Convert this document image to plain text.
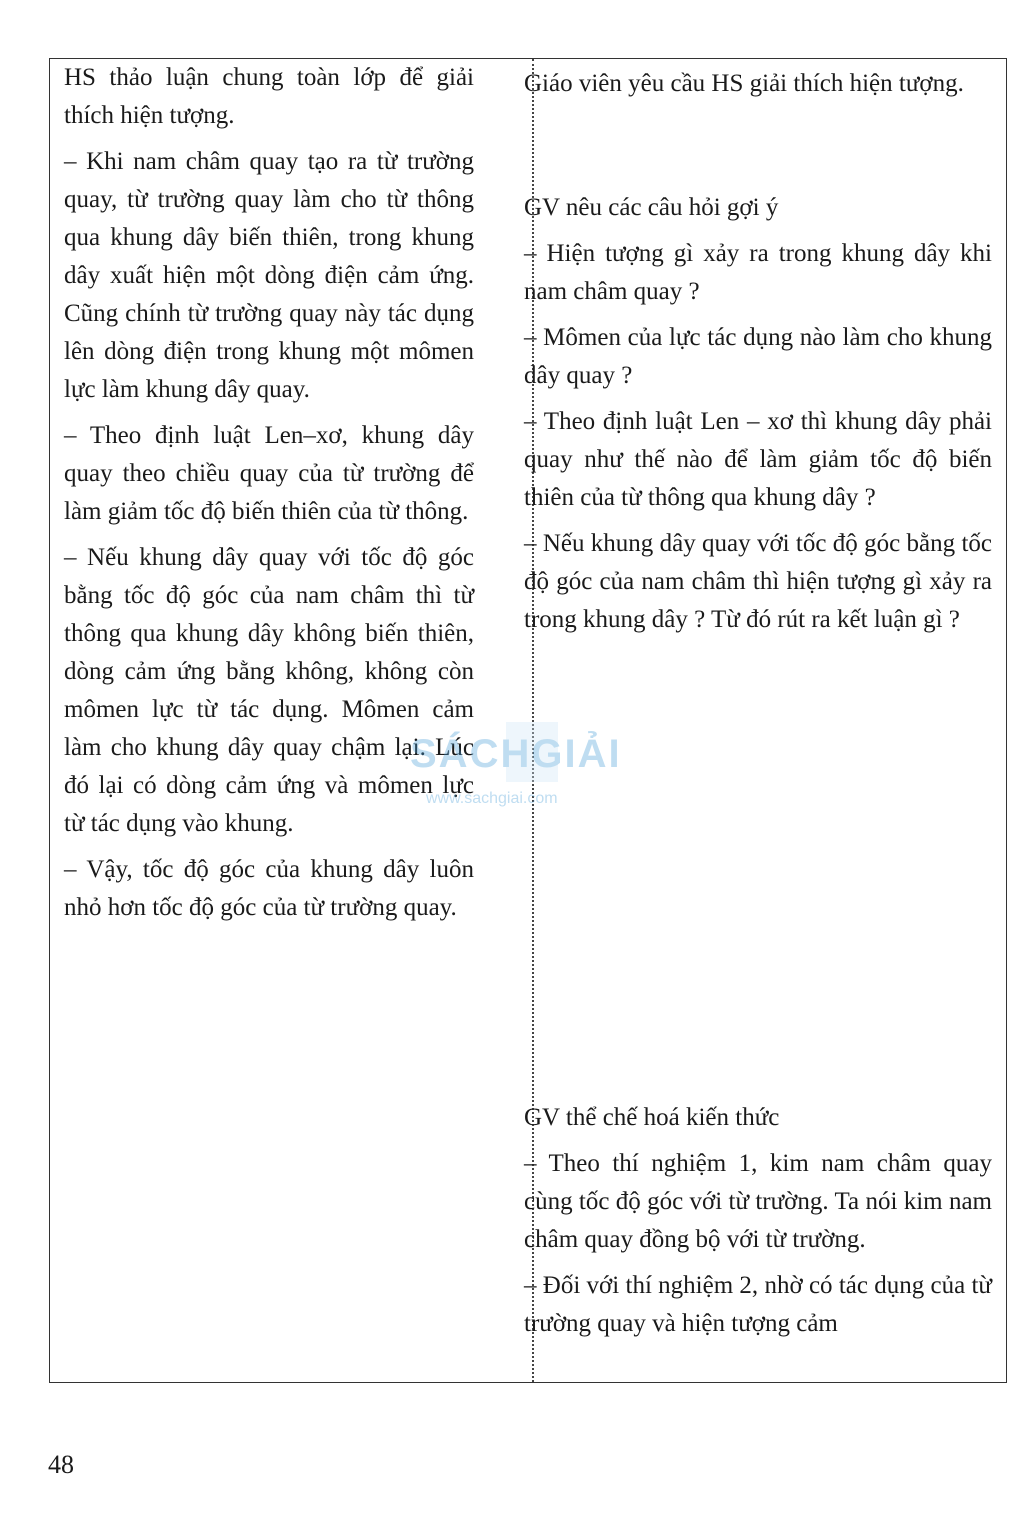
HS thảo luận chung toàn lớp để giải thích hiện tượng.

– Khi nam châm quay tạo ra từ trường quay, từ trường quay làm cho từ thông qua khung dây biến thiên, trong khung dây xuất hiện một dòng điện cảm ứng. Cũng chính từ trường quay này tác dụng lên dòng điện trong khung một mômen lực làm khung dây quay.

– Theo định luật Len–xơ, khung dây quay theo chiều quay của từ trường để làm giảm tốc độ biến thiên của từ thông.

– Nếu khung dây quay với tốc độ góc bằng tốc độ góc của nam châm thì từ thông qua khung dây không biến thiên, dòng cảm ứng bằng không, không còn mômen lực từ tác dụng. Mômen cảm làm cho khung dây quay chậm lại. Lúc đó lại có dòng cảm ứng và mômen lực từ tác dụng vào khung.

– Vậy, tốc độ góc của khung dây luôn nhỏ hơn tốc độ góc của từ trường quay.

Giáo viên yêu cầu HS giải thích hiện tượng.

GV nêu các câu hỏi gợi ý

– Hiện tượng gì xảy ra trong khung dây khi nam châm quay ?

– Mômen của lực tác dụng nào làm cho khung dây quay ?

– Theo định luật Len – xơ thì khung dây phải quay như thế nào để làm giảm tốc độ biến thiên của từ thông qua khung dây ?

– Nếu khung dây quay với tốc độ góc bằng tốc độ góc của nam châm thì hiện tượng gì xảy ra trong khung dây ? Từ đó rút ra kết luận gì ?

GV thể chế hoá kiến thức

– Theo thí nghiệm 1, kim nam châm quay cùng tốc độ góc với từ trường. Ta nói kim nam châm quay đồng bộ với từ trường.

– Đối với thí nghiệm 2, nhờ có tác dụng của từ trường quay và hiện tượng cảm

SÁCHGIẢI
www.sachgiai.com
48
